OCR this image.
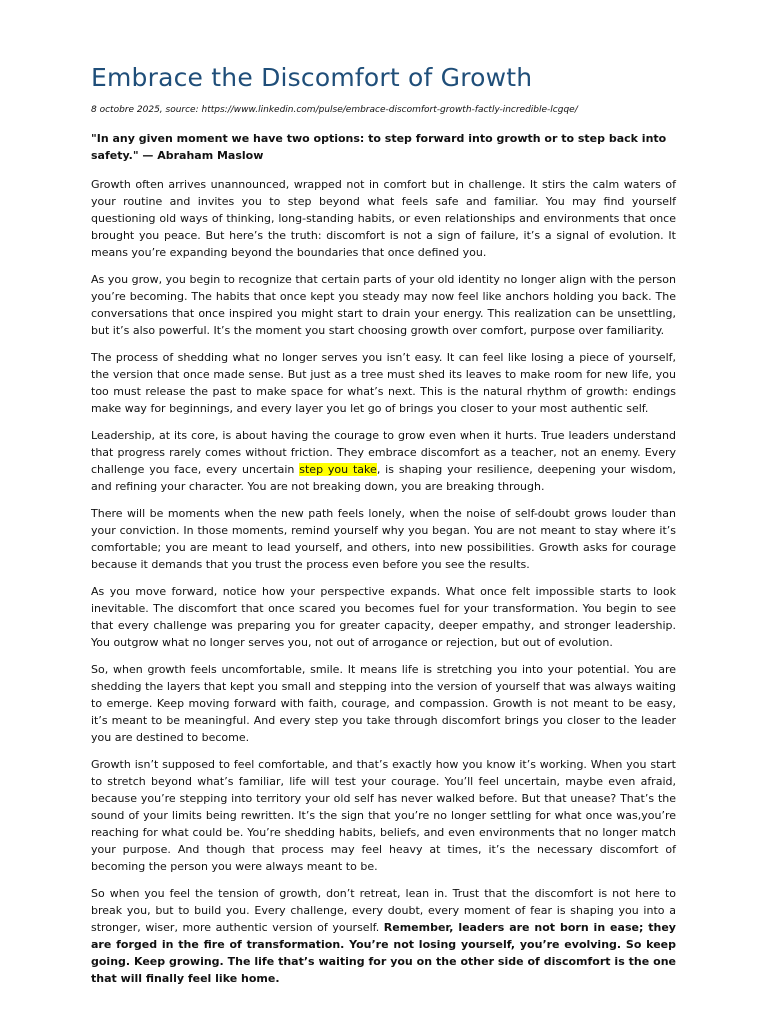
Embrace the Discomfort of Growth
8 octobre 2025, source: https://www.linkedin.com/pulse/embrace-discomfort-growth-factly-incredible-lcgqe/
"In any given moment we have two options: to step forward into growth or to step back into safety." — Abraham Maslow

Growth often arrives unannounced, wrapped not in comfort but in challenge. It stirs the calm waters of your routine and invites you to step beyond what feels safe and familiar. You may find yourself questioning old ways of thinking, long-standing habits, or even relationships and environments that once brought you peace. But here’s the truth: discomfort is not a sign of failure, it’s a signal of evolution. It means you’re expanding beyond the boundaries that once defined you.

As you grow, you begin to recognize that certain parts of your old identity no longer align with the person you’re becoming. The habits that once kept you steady may now feel like anchors holding you back. The conversations that once inspired you might start to drain your energy. This realization can be unsettling, but it’s also powerful. It’s the moment you start choosing growth over comfort, purpose over familiarity.

The process of shedding what no longer serves you isn’t easy. It can feel like losing a piece of yourself, the version that once made sense. But just as a tree must shed its leaves to make room for new life, you too must release the past to make space for what’s next. This is the natural rhythm of growth: endings make way for beginnings, and every layer you let go of brings you closer to your most authentic self.

Leadership, at its core, is about having the courage to grow even when it hurts. True leaders understand that progress rarely comes without friction. They embrace discomfort as a teacher, not an enemy. Every challenge you face, every uncertain step you take, is shaping your resilience, deepening your wisdom, and refining your character. You are not breaking down, you are breaking through.

There will be moments when the new path feels lonely, when the noise of self-doubt grows louder than your conviction. In those moments, remind yourself why you began. You are not meant to stay where it’s comfortable; you are meant to lead yourself, and others, into new possibilities. Growth asks for courage because it demands that you trust the process even before you see the results.

As you move forward, notice how your perspective expands. What once felt impossible starts to look inevitable. The discomfort that once scared you becomes fuel for your transformation. You begin to see that every challenge was preparing you for greater capacity, deeper empathy, and stronger leadership. You outgrow what no longer serves you, not out of arrogance or rejection, but out of evolution.

So, when growth feels uncomfortable, smile. It means life is stretching you into your potential. You are shedding the layers that kept you small and stepping into the version of yourself that was always waiting to emerge. Keep moving forward with faith, courage, and compassion. Growth is not meant to be easy, it’s meant to be meaningful. And every step you take through discomfort brings you closer to the leader you are destined to become.

Growth isn’t supposed to feel comfortable, and that’s exactly how you know it’s working. When you start to stretch beyond what’s familiar, life will test your courage. You’ll feel uncertain, maybe even afraid, because you’re stepping into territory your old self has never walked before. But that unease? That’s the sound of your limits being rewritten. It’s the sign that you’re no longer settling for what once was,you’re reaching for what could be. You’re shedding habits, beliefs, and even environments that no longer match your purpose. And though that process may feel heavy at times, it’s the necessary discomfort of becoming the person you were always meant to be.

So when you feel the tension of growth, don’t retreat, lean in. Trust that the discomfort is not here to break you, but to build you. Every challenge, every doubt, every moment of fear is shaping you into a stronger, wiser, more authentic version of yourself. Remember, leaders are not born in ease; they are forged in the fire of transformation. You’re not losing yourself, you’re evolving. So keep going. Keep growing. The life that’s waiting for you on the other side of discomfort is the one that will finally feel like home.
